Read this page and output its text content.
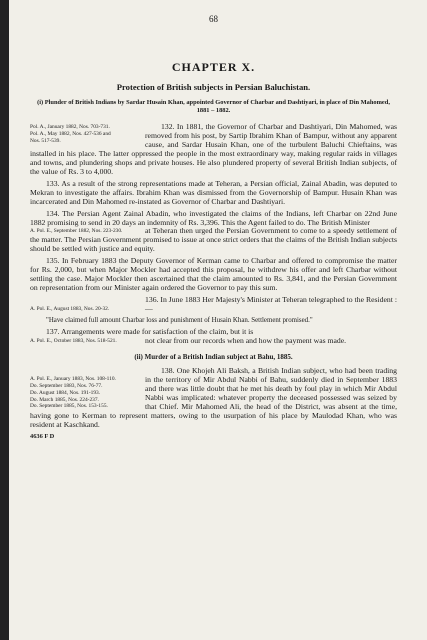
68
CHAPTER X.
Protection of British subjects in Persian Baluchistan.
(i) Plunder of British Indians by Sardar Husain Khan, appointed Governor of Charbar and Dashtiyari, in place of Din Mahomed, 1881 – 1882.
Pol. A., January 1882, Nos. 703-731.
Pol. A., May 1882, Nos. 427-536 and
Nos. 517-539.

132. In 1881, the Governor of Charbar and Dashtiyari, Din Mahomed, was removed from his post, by Sartip Ibrahim Khan of Bampur, without any apparent cause, and Sardar Husain Khan, one of the turbulent Baluchi Chieftains, was installed in his place. The latter oppressed the people in the most extraordinary way, making regular raids in villages and towns, and plundering shops and private houses. He also plundered property of several British Indian subjects, of the value of Rs. 3 to 4,000.

133. As a result of the strong representations made at Teheran, a Persian official, Zainal Abadin, was deputed to Mekran to investigate the affairs. Ibrahim Khan was dismissed from the Governorship of Bampur. Husain Khan was incarcerated and Din Mahomed re-instated as Governor of Charbar and Dashtiyari.

134. The Persian Agent Zainal Abadin, who investigated the claims of the Indians, left Charbar on 22nd June 1882 promising to send in 20 days an indemnity of Rs. 3,396. This the Agent failed to do. The British Minister

A. Pol. E., September 1882, Nos. 223-230.	at Teheran then urged the Persian Government to come to a speedy settlement of the matter. The Persian Government promised to issue at once strict orders that the claims of the British Indian subjects should be settled with justice and equity.

135. In February 1883 the Deputy Governor of Kerman came to Charbar and offered to compromise the matter for Rs. 2,000, but when Major Mockler had accepted this proposal, he withdrew his offer and left Charbar without settling the case. Major Mockler then ascertained that the claim amounted to Rs. 3,841, and the Persian Government on representation from our Minister again ordered the Governor to pay this sum.

A. Pol. E., August 1883, Nos. 20-32.

136. In June 1883 Her Majesty's Minister at Teheran telegraphed to the Resident :—

"Have claimed full amount Charbar loss and punishment of Husain Khan. Settlement promised."

137. Arrangements were made for satisfaction of the claim, but it is

A. Pol. E., October 1883, Nos. 518-521.	not clear from our records when and how the payment was made.

(ii) Murder of a British Indian subject at Bahu, 1885.
A. Pol. E., January 1883, Nos. 108-110.
Do. September 1883, Nos. 76-77.
Do. August 1884, Nos. 191-193.
Do. March 1885, Nos. 224-237.
Do. September 1885, Nos. 153-155.

138. One Khojeh Ali Baksh, a British Indian subject, who had been trading in the territory of Mir Abdul Nabbi of Bahu, suddenly died in September 1883 and there was little doubt that he met his death by foul play in which Mir Abdul Nabbi was implicated: whatever property the deceased possessed was seized by that Chief. Mir Mahomed Ali, the head of the District, was absent at the time, having gone to Kerman to represent matters, owing to the usurpation of his place by Maulodad Khan, who was resident at Kaschkand.

4636 F D
